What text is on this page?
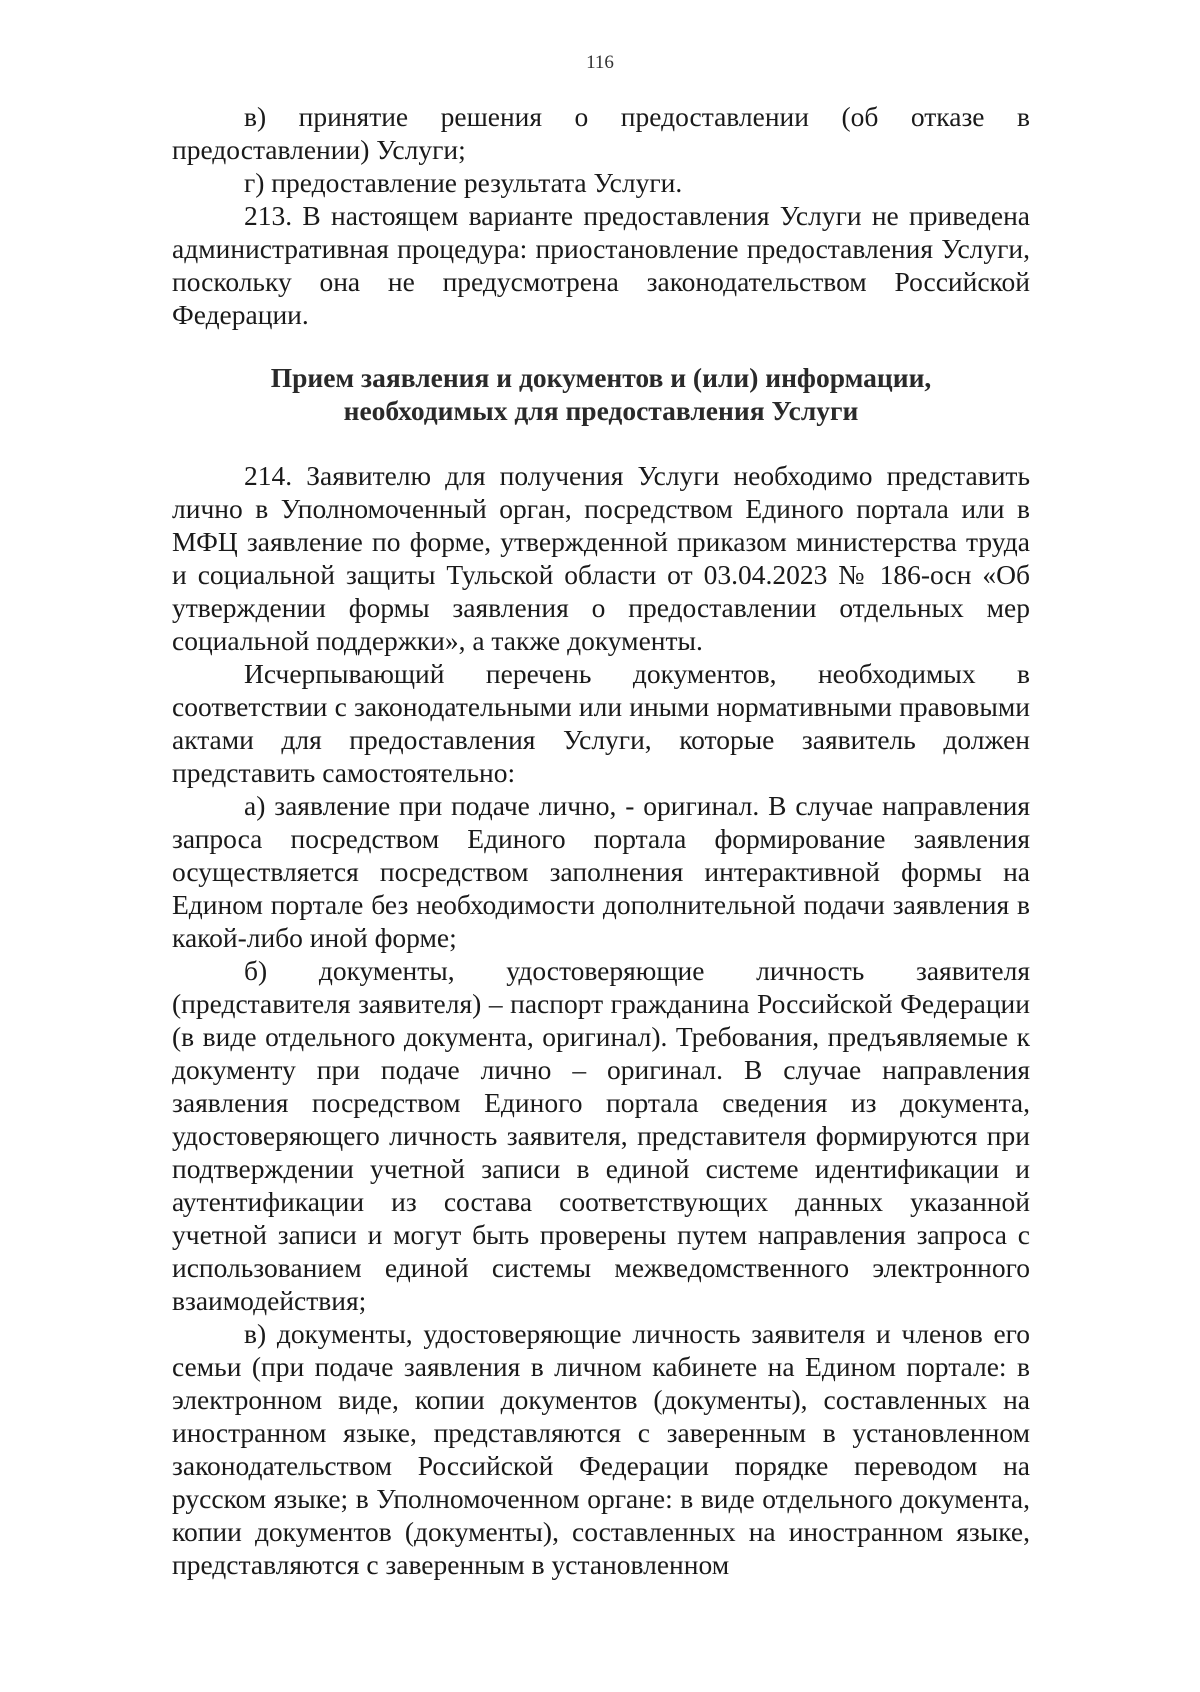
116

в) принятие решения о предоставлении (об отказе в предоставлении) Услуги;

г) предоставление результата Услуги.

213. В настоящем варианте предоставления Услуги не приведена административная процедура: приостановление предоставления Услуги, поскольку она не предусмотрена законодательством Российской Федерации.

Прием заявления и документов и (или) информации,
необходимых для предоставления Услуги

214. Заявителю для получения Услуги необходимо представить лично в Уполномоченный орган, посредством Единого портала или в МФЦ заявление по форме, утвержденной приказом министерства труда и социальной защиты Тульской области от 03.04.2023 № 186-осн «Об утверждении формы заявления о предоставлении отдельных мер социальной поддержки», а также документы.

Исчерпывающий перечень документов, необходимых в соответствии с законодательными или иными нормативными правовыми актами для предоставления Услуги, которые заявитель должен представить самостоятельно:

а) заявление при подаче лично, - оригинал. В случае направления запроса посредством Единого портала формирование заявления осуществляется посредством заполнения интерактивной формы на Едином портале без необходимости дополнительной подачи заявления в какой-либо иной форме;

б) документы, удостоверяющие личность заявителя (представителя заявителя) – паспорт гражданина Российской Федерации (в виде отдельного документа, оригинал). Требования, предъявляемые к документу при подаче лично – оригинал. В случае направления заявления посредством Единого портала сведения из документа, удостоверяющего личность заявителя, представителя формируются при подтверждении учетной записи в единой системе идентификации и аутентификации из состава соответствующих данных указанной учетной записи и могут быть проверены путем направления запроса с использованием единой системы межведомственного электронного взаимодействия;

в) документы, удостоверяющие личность заявителя и членов его семьи (при подаче заявления в личном кабинете на Едином портале: в электронном виде, копии документов (документы), составленных на иностранном языке, представляются с заверенным в установленном законодательством Российской Федерации порядке переводом на русском языке; в Уполномоченном органе: в виде отдельного документа, копии документов (документы), составленных на иностранном языке, представляются с заверенным в установленном
